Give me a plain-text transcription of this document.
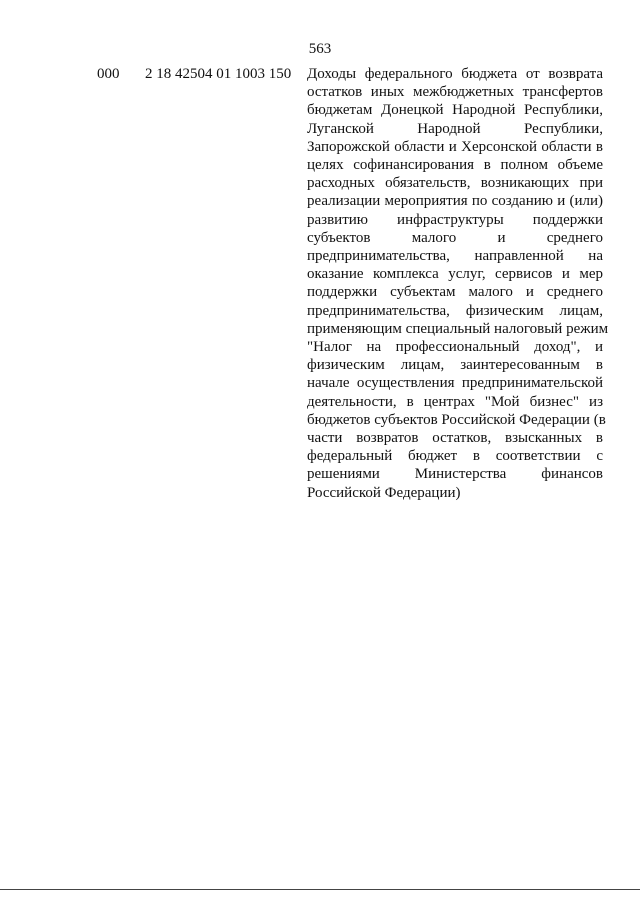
563
000 2 18 42504 01 1003 150 Доходы федерального бюджета от возврата
остатков иных межбюджетных трансфертов
бюджетам Донецкой Народной Республики,
Луганской Народной Республики,
Запорожской области и Херсонской области в
целях софинансирования в полном объеме
расходных обязательств, возникающих при
реализации мероприятия по созданию и (или)
развитию инфраструктуры поддержки
субъектов малого и среднего
предпринимательства, направленной на
оказание комплекса услуг, сервисов и мер
поддержки субъектам малого и среднего
предпринимательства, физическим лицам,
применяющим специальный налоговый режим
"Налог на профессиональный доход", и
физическим лицам, заинтересованным в
начале осуществления предпринимательской
деятельности, в центрах "Мой бизнес" из
бюджетов субъектов Российской Федерации (в
части возвратов остатков, взысканных в
федеральный бюджет в соответствии с
решениями Министерства финансов
Российской Федерации)
